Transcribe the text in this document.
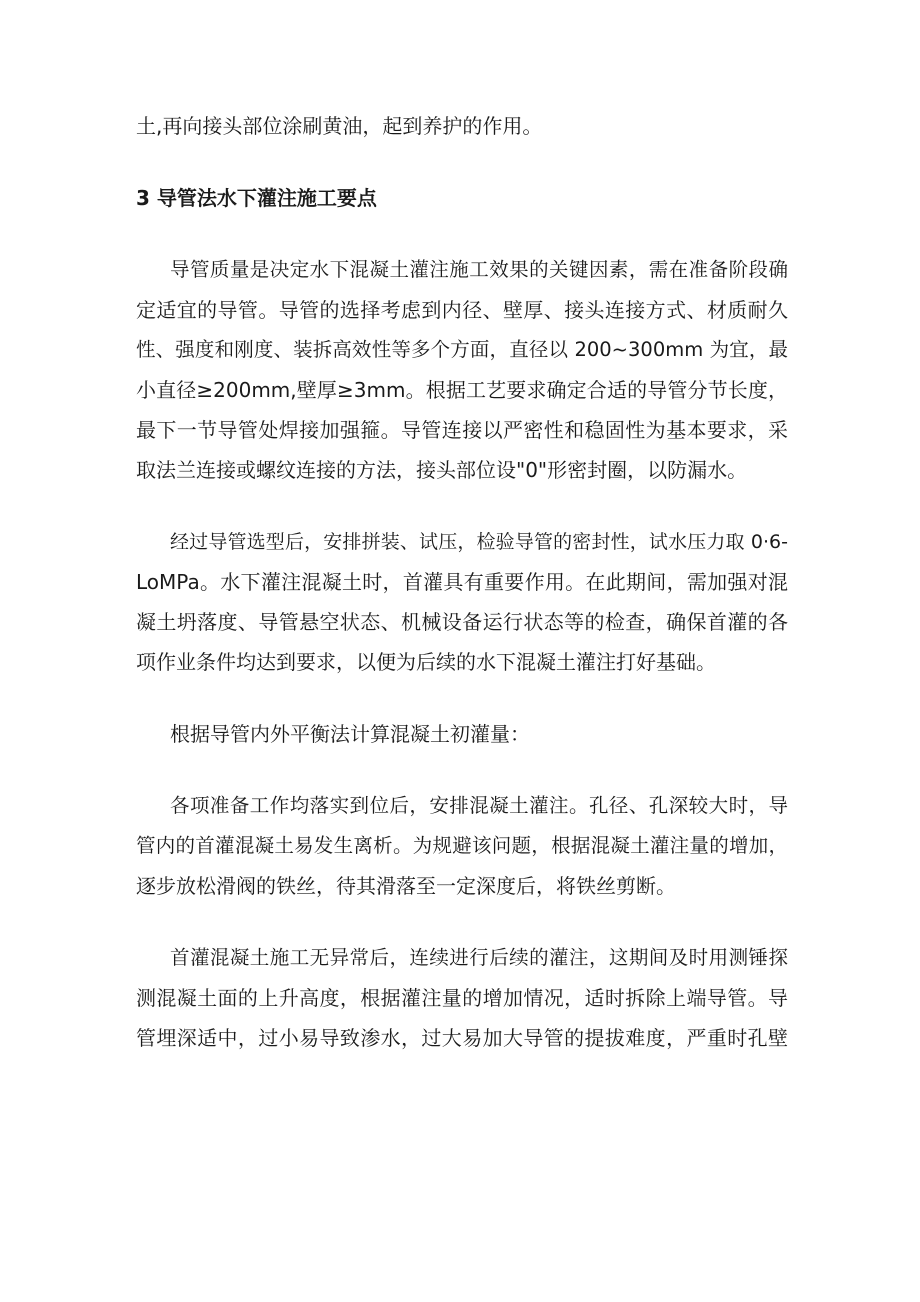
土,再向接头部位涂刷黄油，起到养护的作用。
3 导管法水下灌注施工要点
导管质量是决定水下混凝土灌注施工效果的关键因素，需在准备阶段确
定适宜的导管。导管的选择考虑到内径、壁厚、接头连接方式、材质耐久
性、强度和刚度、装拆高效性等多个方面，直径以 200~300mm 为宜，最
小直径≥200mm,壁厚≥3mm。根据工艺要求确定合适的导管分节长度，
最下一节导管处焊接加强箍。导管连接以严密性和稳固性为基本要求，采
取法兰连接或螺纹连接的方法，接头部位设"0"形密封圈，以防漏水。
经过导管选型后，安排拼装、试压，检验导管的密封性，试水压力取 0·6-
LoMPa。水下灌注混凝土时，首灌具有重要作用。在此期间，需加强对混
凝土坍落度、导管悬空状态、机械设备运行状态等的检查，确保首灌的各
项作业条件均达到要求，以便为后续的水下混凝土灌注打好基础。
根据导管内外平衡法计算混凝土初灌量：
各项准备工作均落实到位后，安排混凝土灌注。孔径、孔深较大时，导
管内的首灌混凝土易发生离析。为规避该问题，根据混凝土灌注量的增加，
逐步放松滑阀的铁丝，待其滑落至一定深度后，将铁丝剪断。
首灌混凝土施工无异常后，连续进行后续的灌注，这期间及时用测锤探
测混凝土面的上升高度，根据灌注量的增加情况，适时拆除上端导管。导
管埋深适中，过小易导致渗水，过大易加大导管的提拔难度，严重时孔壁
